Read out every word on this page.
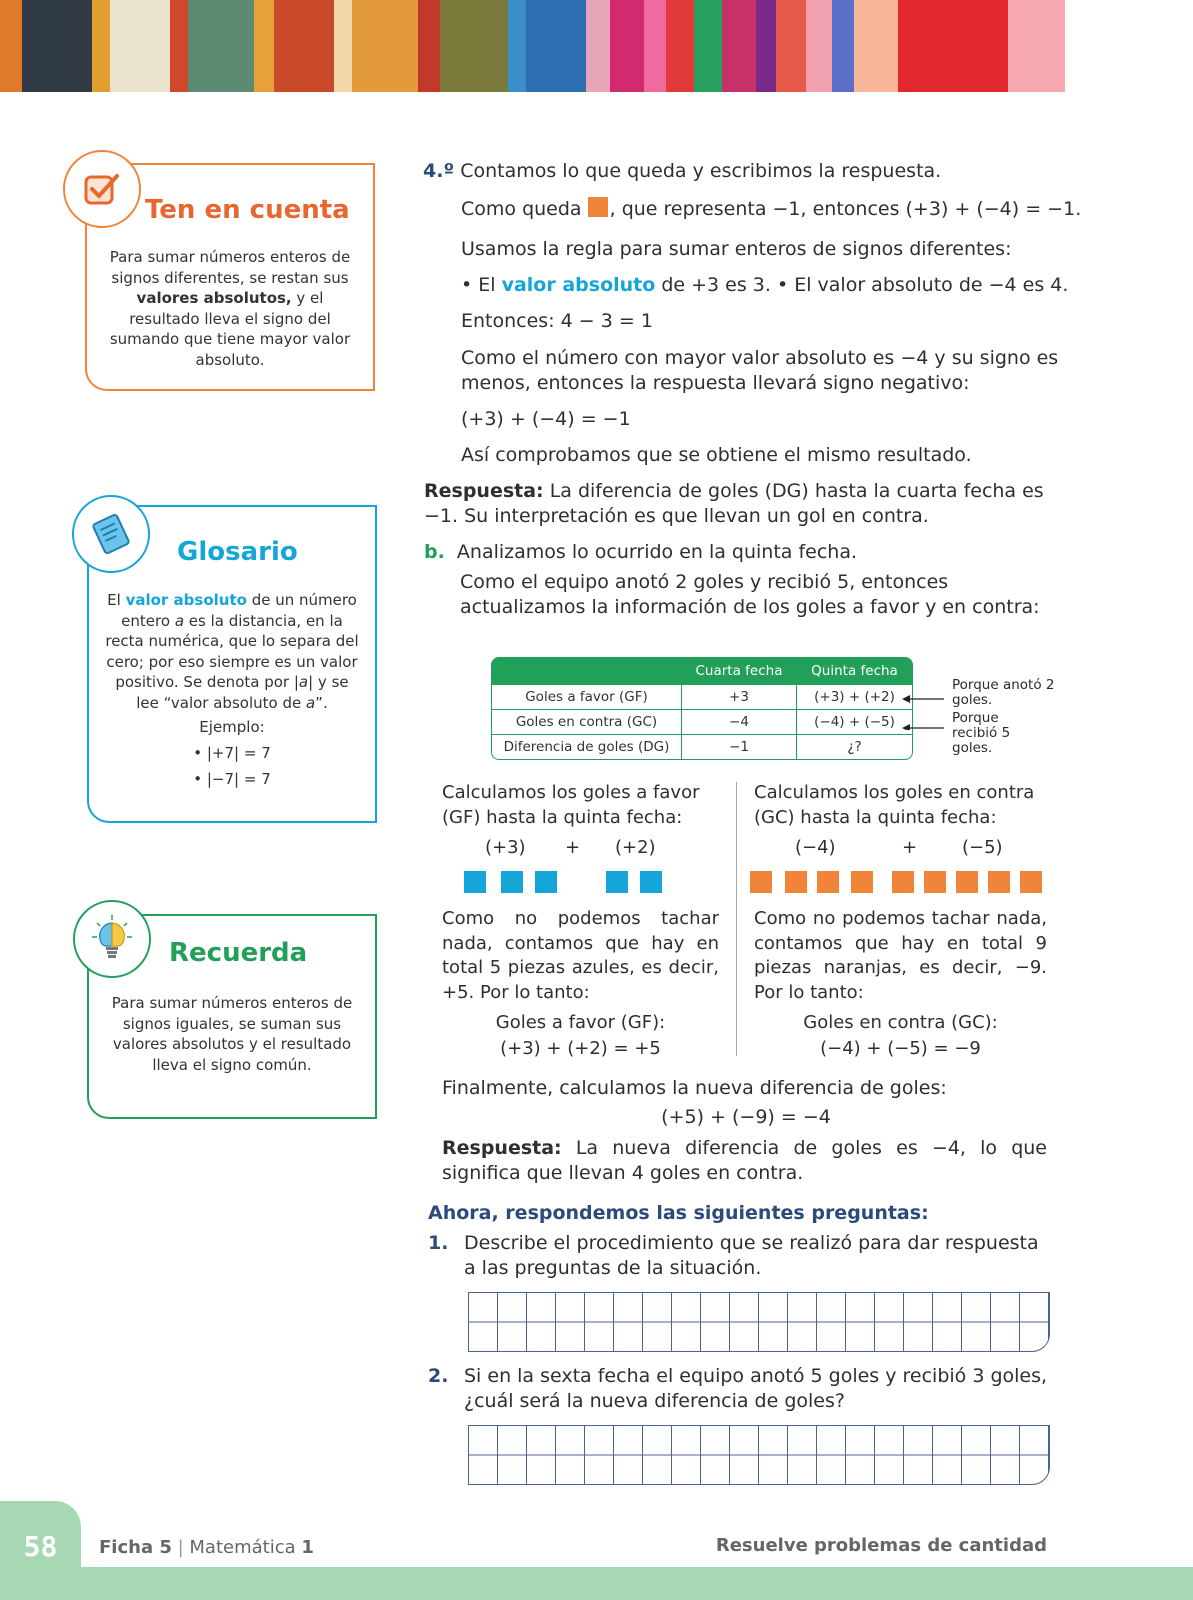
Ten en cuenta
Para sumar números enteros de signos diferentes, se restan sus valores absolutos, y el resultado lleva el signo del sumando que tiene mayor valor absoluto.
Glosario
El valor absoluto de un número entero a es la distancia, en la recta numérica, que lo separa del cero; por eso siempre es un valor positivo. Se denota por |a| y se lee “valor absoluto de a”.
Ejemplo:
• |+7| = 7
• |−7| = 7
Recuerda
Para sumar números enteros de signos iguales, se suman sus valores absolutos y el resultado lleva el signo común.
4.º Contamos lo que queda y escribimos la respuesta.
Como queda , que representa −1, entonces (+3) + (−4) = −1.
Usamos la regla para sumar enteros de signos diferentes:
• El valor absoluto de +3 es 3. • El valor absoluto de −4 es 4.
Entonces: 4 − 3 = 1
Como el número con mayor valor absoluto es −4 y su signo es menos, entonces la respuesta llevará signo negativo:
(+3) + (−4) = −1
Así comprobamos que se obtiene el mismo resultado.
Respuesta: La diferencia de goles (DG) hasta la cuarta fecha es −1. Su interpretación es que llevan un gol en contra.
b. Analizamos lo ocurrido en la quinta fecha.
Como el equipo anotó 2 goles y recibió 5, entonces actualizamos la información de los goles a favor y en contra:
	Cuarta fecha	Quinta fecha
Goles a favor (GF)	+3	(+3) + (+2)
Goles en contra (GC)	−4	(−4) + (−5)
Diferencia de goles (DG)	−1	¿?
Porque anotó 2 goles.
Porque recibió 5 goles.
Calculamos los goles a favor (GF) hasta la quinta fecha:
(+3) + (+2)
Como no podemos tachar nada, contamos que hay en total 5 piezas azules, es decir, +5. Por lo tanto:
Goles a favor (GF):
(+3) + (+2) = +5
Calculamos los goles en contra (GC) hasta la quinta fecha:
(−4)	+ (−5)
Como no podemos tachar nada, contamos que hay en total 9 piezas naranjas, es decir, −9. Por lo tanto:
Goles en contra (GC):
(−4) + (−5) = −9
Finalmente, calculamos la nueva diferencia de goles:
(+5) + (−9) = −4
Respuesta: La nueva diferencia de goles es −4, lo que significa que llevan 4 goles en contra.
Ahora, respondemos las siguientes preguntas:
1. Describe el procedimiento que se realizó para dar respuesta a las preguntas de la situación.
2. Si en la sexta fecha el equipo anotó 5 goles y recibió 3 goles, ¿cuál será la nueva diferencia de goles?
58	Ficha 5 | Matemática 1	Resuelve problemas de cantidad
